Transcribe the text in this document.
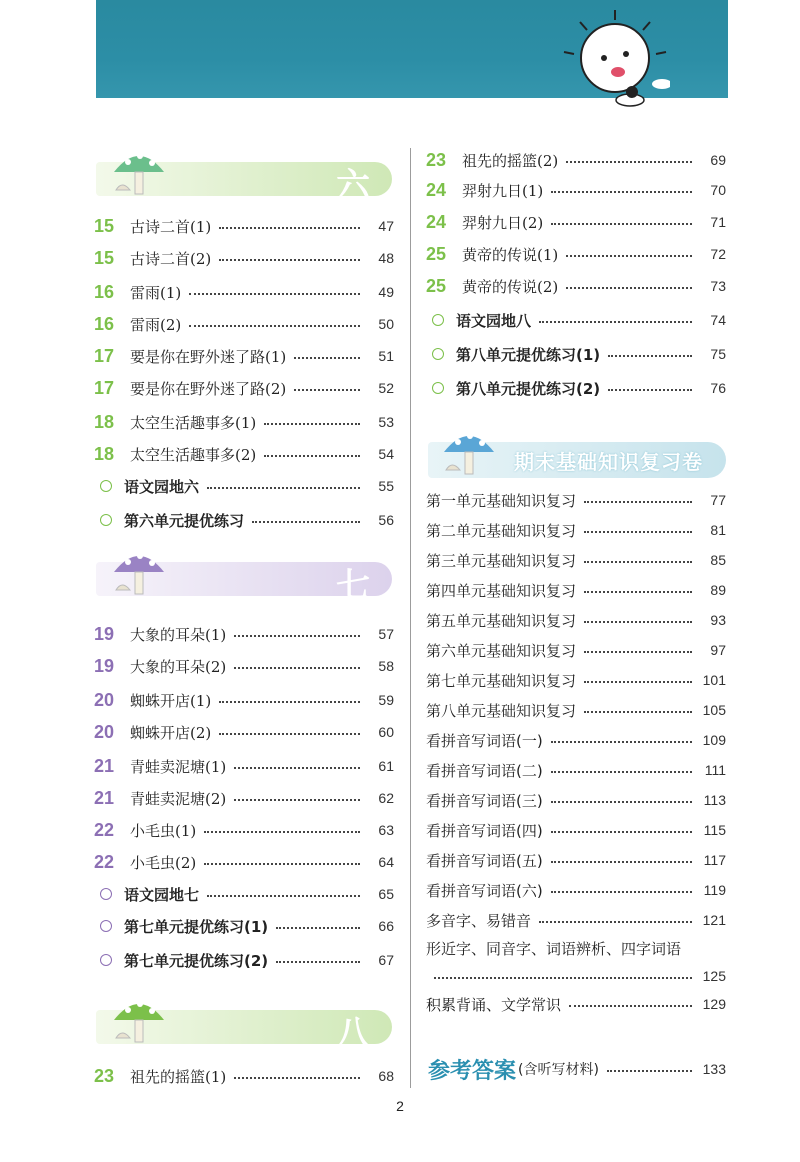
六
七
八
15	古诗二首(1)	47
15	古诗二首(2)	48
16	雷雨(1)	49
16	雷雨(2)	50
17	要是你在野外迷了路(1)	51
17	要是你在野外迷了路(2)	52
18	太空生活趣事多(1)	53
18	太空生活趣事多(2)	54
语文园地六	55
第六单元提优练习	56
19	大象的耳朵(1)	57
19	大象的耳朵(2)	58
20	蜘蛛开店(1)	59
20	蜘蛛开店(2)	60
21	青蛙卖泥塘(1)	61
21	青蛙卖泥塘(2)	62
22	小毛虫(1)	63
22	小毛虫(2)	64
语文园地七	65
第七单元提优练习(1)	66
第七单元提优练习(2)	67
23	祖先的摇篮(1)	68
23	祖先的摇篮(2)	69
24	羿射九日(1)	70
24	羿射九日(2)	71
25	黄帝的传说(1)	72
25	黄帝的传说(2)	73
语文园地八	74
第八单元提优练习(1)	75
第八单元提优练习(2)	76
期末基础知识复习卷
第一单元基础知识复习	77
第二单元基础知识复习	81
第三单元基础知识复习	85
第四单元基础知识复习	89
第五单元基础知识复习	93
第六单元基础知识复习	97
第七单元基础知识复习	101
第八单元基础知识复习	105
看拼音写词语(一)	109
看拼音写词语(二)	111
看拼音写词语(三)	113
看拼音写词语(四)	115
看拼音写词语(五)	117
看拼音写词语(六)	119
多音字、易错音	121
形近字、同音字、词语辨析、四字词语
125
积累背诵、文学常识	129
参考答案 (含听写材料)	133
2
